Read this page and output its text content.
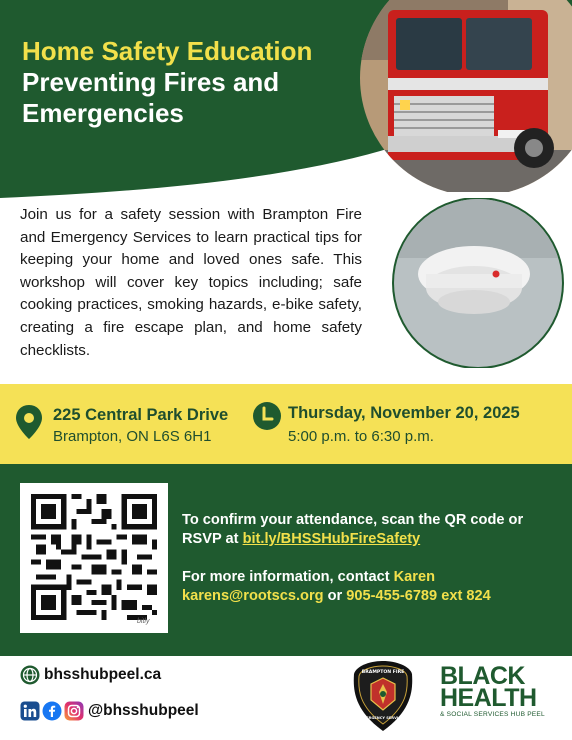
Home Safety Education
Preventing Fires and
Emergencies

Join us for a safety session with Brampton Fire and Emergency Services to learn practical tips for keeping your home and loved ones safe. This workshop will cover key topics including; safe cooking practices, smoking hazards, e-bike safety, creating a fire escape plan, and home safety checklists.

225 Central Park Drive
Brampton, ON L6S 6H1
Thursday, November 20, 2025
5:00 p.m. to 6:30 p.m.
bitly
To confirm your attendance, scan the QR code or RSVP at bit.ly/BHSSHubFireSafety
For more information, contact Karen
karens@rootscs.org or 905-455-6789 ext 824
bhsshubpeel.ca
@bhsshubpeel
BRAMPTON FIRE
EMERGENCY SERVICES
BLACK
HEALTH
& SOCIAL SERVICES HUB PEEL
